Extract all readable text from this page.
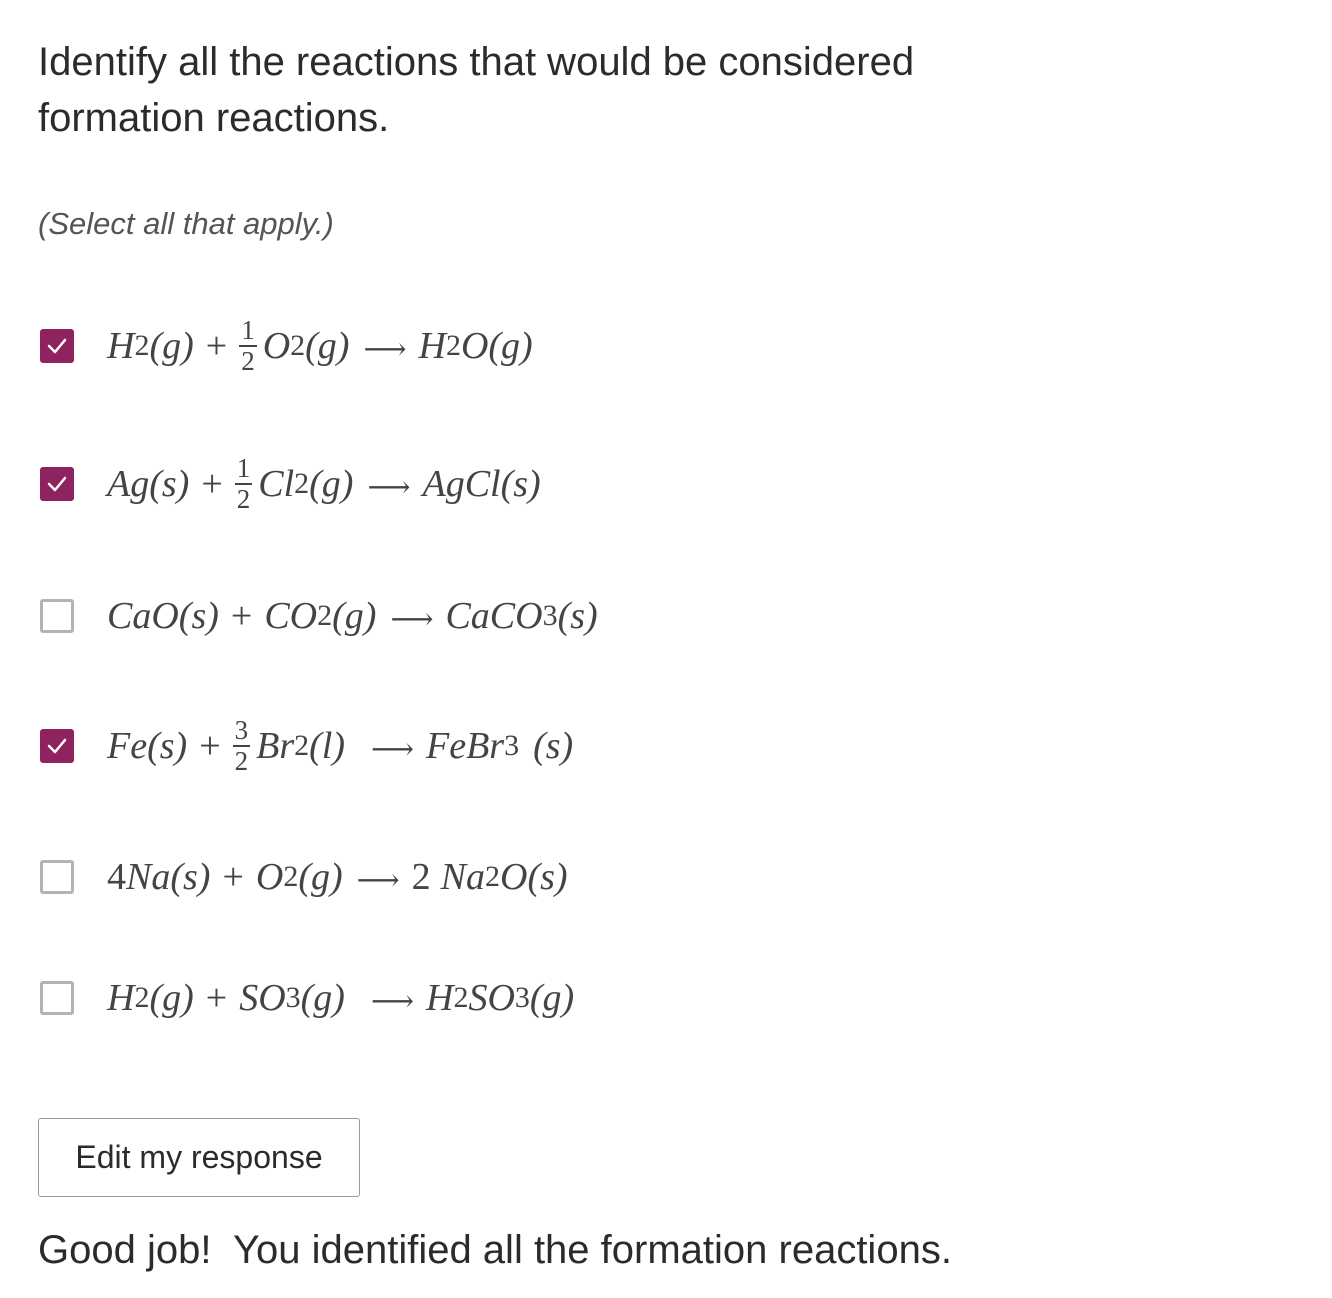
Identify all the reactions that would be considered
formation reactions.

(Select all that apply.)

H 2 $(g) + \frac{1}{2}$ O 2 (g) ⟶ H 2 O(g)
$Ag(s) + \frac{1}{2}$ Cl 2 (g) ⟶ AgCl(s)
CaO(s) + CO 2 (g) ⟶ CaCO 3 (s)
$Fe(s) + \frac{3}{2}$ Br 2 (l) ⟶ FeBr 3 (s)
4 Na(s) + O 2 (g) ⟶ 2 Na 2 O(s)
H 2 (g) + SO 3 (g) ⟶ H 2 SO 3 (g)
Edit my response

Good job!  You identified all the formation reactions.
